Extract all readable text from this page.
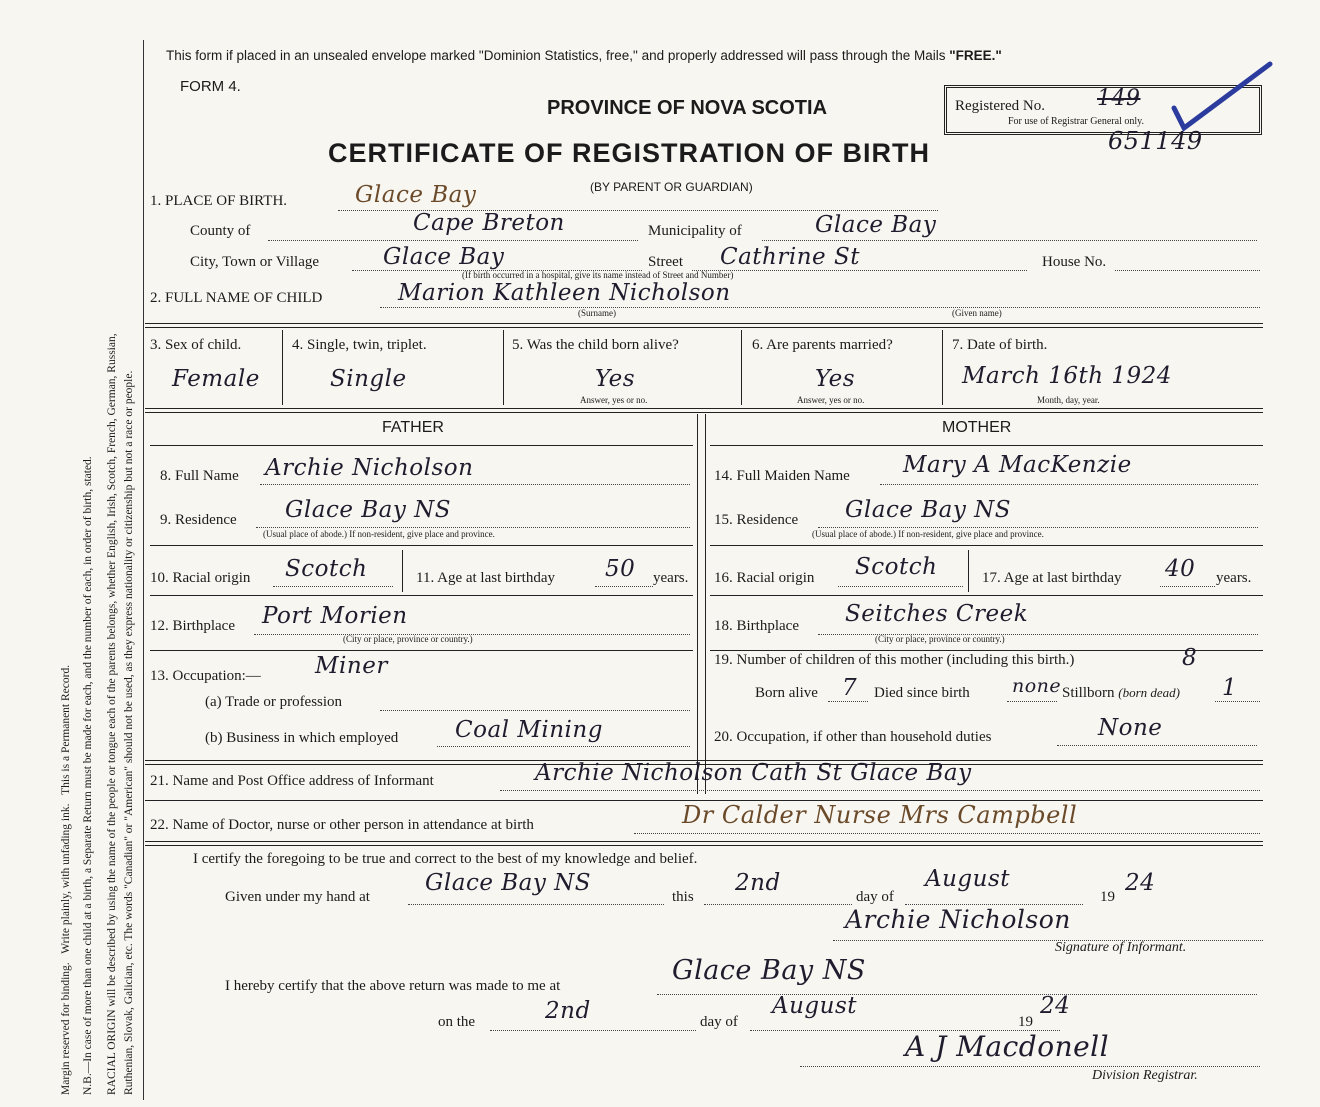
Margin reserved for binding.   Write plainly, with unfading ink.   This is a Permanent Record. N.B.—In case of more than one child at a birth, a Separate Return must be made for each, and the number of each, in order of birth, stated. RACIAL ORIGIN will be described by using the name of the people or tongue each of the parents belongs, whether English, Irish, Scotch, French, German, Russian, Ruthenian, Slovak, Galician, etc. The words "Canadian" or "American" should not be used, as they express nationality or citizenship but not a race or people.
This form if placed in an unsealed envelope marked "Dominion Statistics, free," and properly addressed will pass through the Mails "FREE."
FORM 4.
PROVINCE OF NOVA SCOTIA
CERTIFICATE OF REGISTRATION OF BIRTH
(BY PARENT OR GUARDIAN)
Registered No. 149
For use of Registrar General only.
651149
1. PLACE OF BIRTH.	Glace Bay
County of	Cape Breton	Municipality of	Glace Bay
City, Town or Village	Glace Bay	Street Cathrine St	House No.
(If birth occurred in a hospital, give its name instead of Street and Number)
2. FULL NAME OF CHILD	Marion Kathleen Nicholson
(Surname)	(Given name)
3. Sex of child.
Female
4. Single, twin, triplet.
Single
5. Was the child born alive?
Yes
Answer, yes or no.
6. Are parents married?
Yes
Answer, yes or no.
7. Date of birth.
March 16th 1924
Month, day, year.
FATHER	MOTHER
8. Full Name Archie Nicholson	14. Full Maiden Name Mary A MacKenzie
9. Residence Glace Bay NS
(Usual place of abode.) If non-resident, give place and province.
15. Residence Glace Bay NS
(Usual place of abode.) If non-resident, give place and province.
10. Racial origin Scotch	11. Age at last birthday 50 years. 16. Racial origin Scotch	17. Age at last birthday 40 years.
12. Birthplace Port Morien
(City or place, province or country.)
18. Birthplace Seitches Creek
(City or place, province or country.)
13. Occupation:— Miner
(a) Trade or profession
(b) Business in which employed Coal Mining
19. Number of children of this mother (including this birth.)	8
Born alive 7 Died since birth none Stillborn (born dead) 1
20. Occupation, if other than household duties	None
21. Name and Post Office address of Informant	Archie Nicholson Cath St Glace Bay
22. Name of Doctor, nurse or other person in attendance at birth	Dr Calder Nurse Mrs Campbell
I certify the foregoing to be true and correct to the best of my knowledge and belief.
Given under my hand at
Glace Bay NS
this
2nd
day of
August
19
24
Archie Nicholson
Signature of Informant.
I hereby certify that the above return was made to me at	Glace Bay NS
on the	2nd	day of
August
19
24
A J Macdonell
Division Registrar.
